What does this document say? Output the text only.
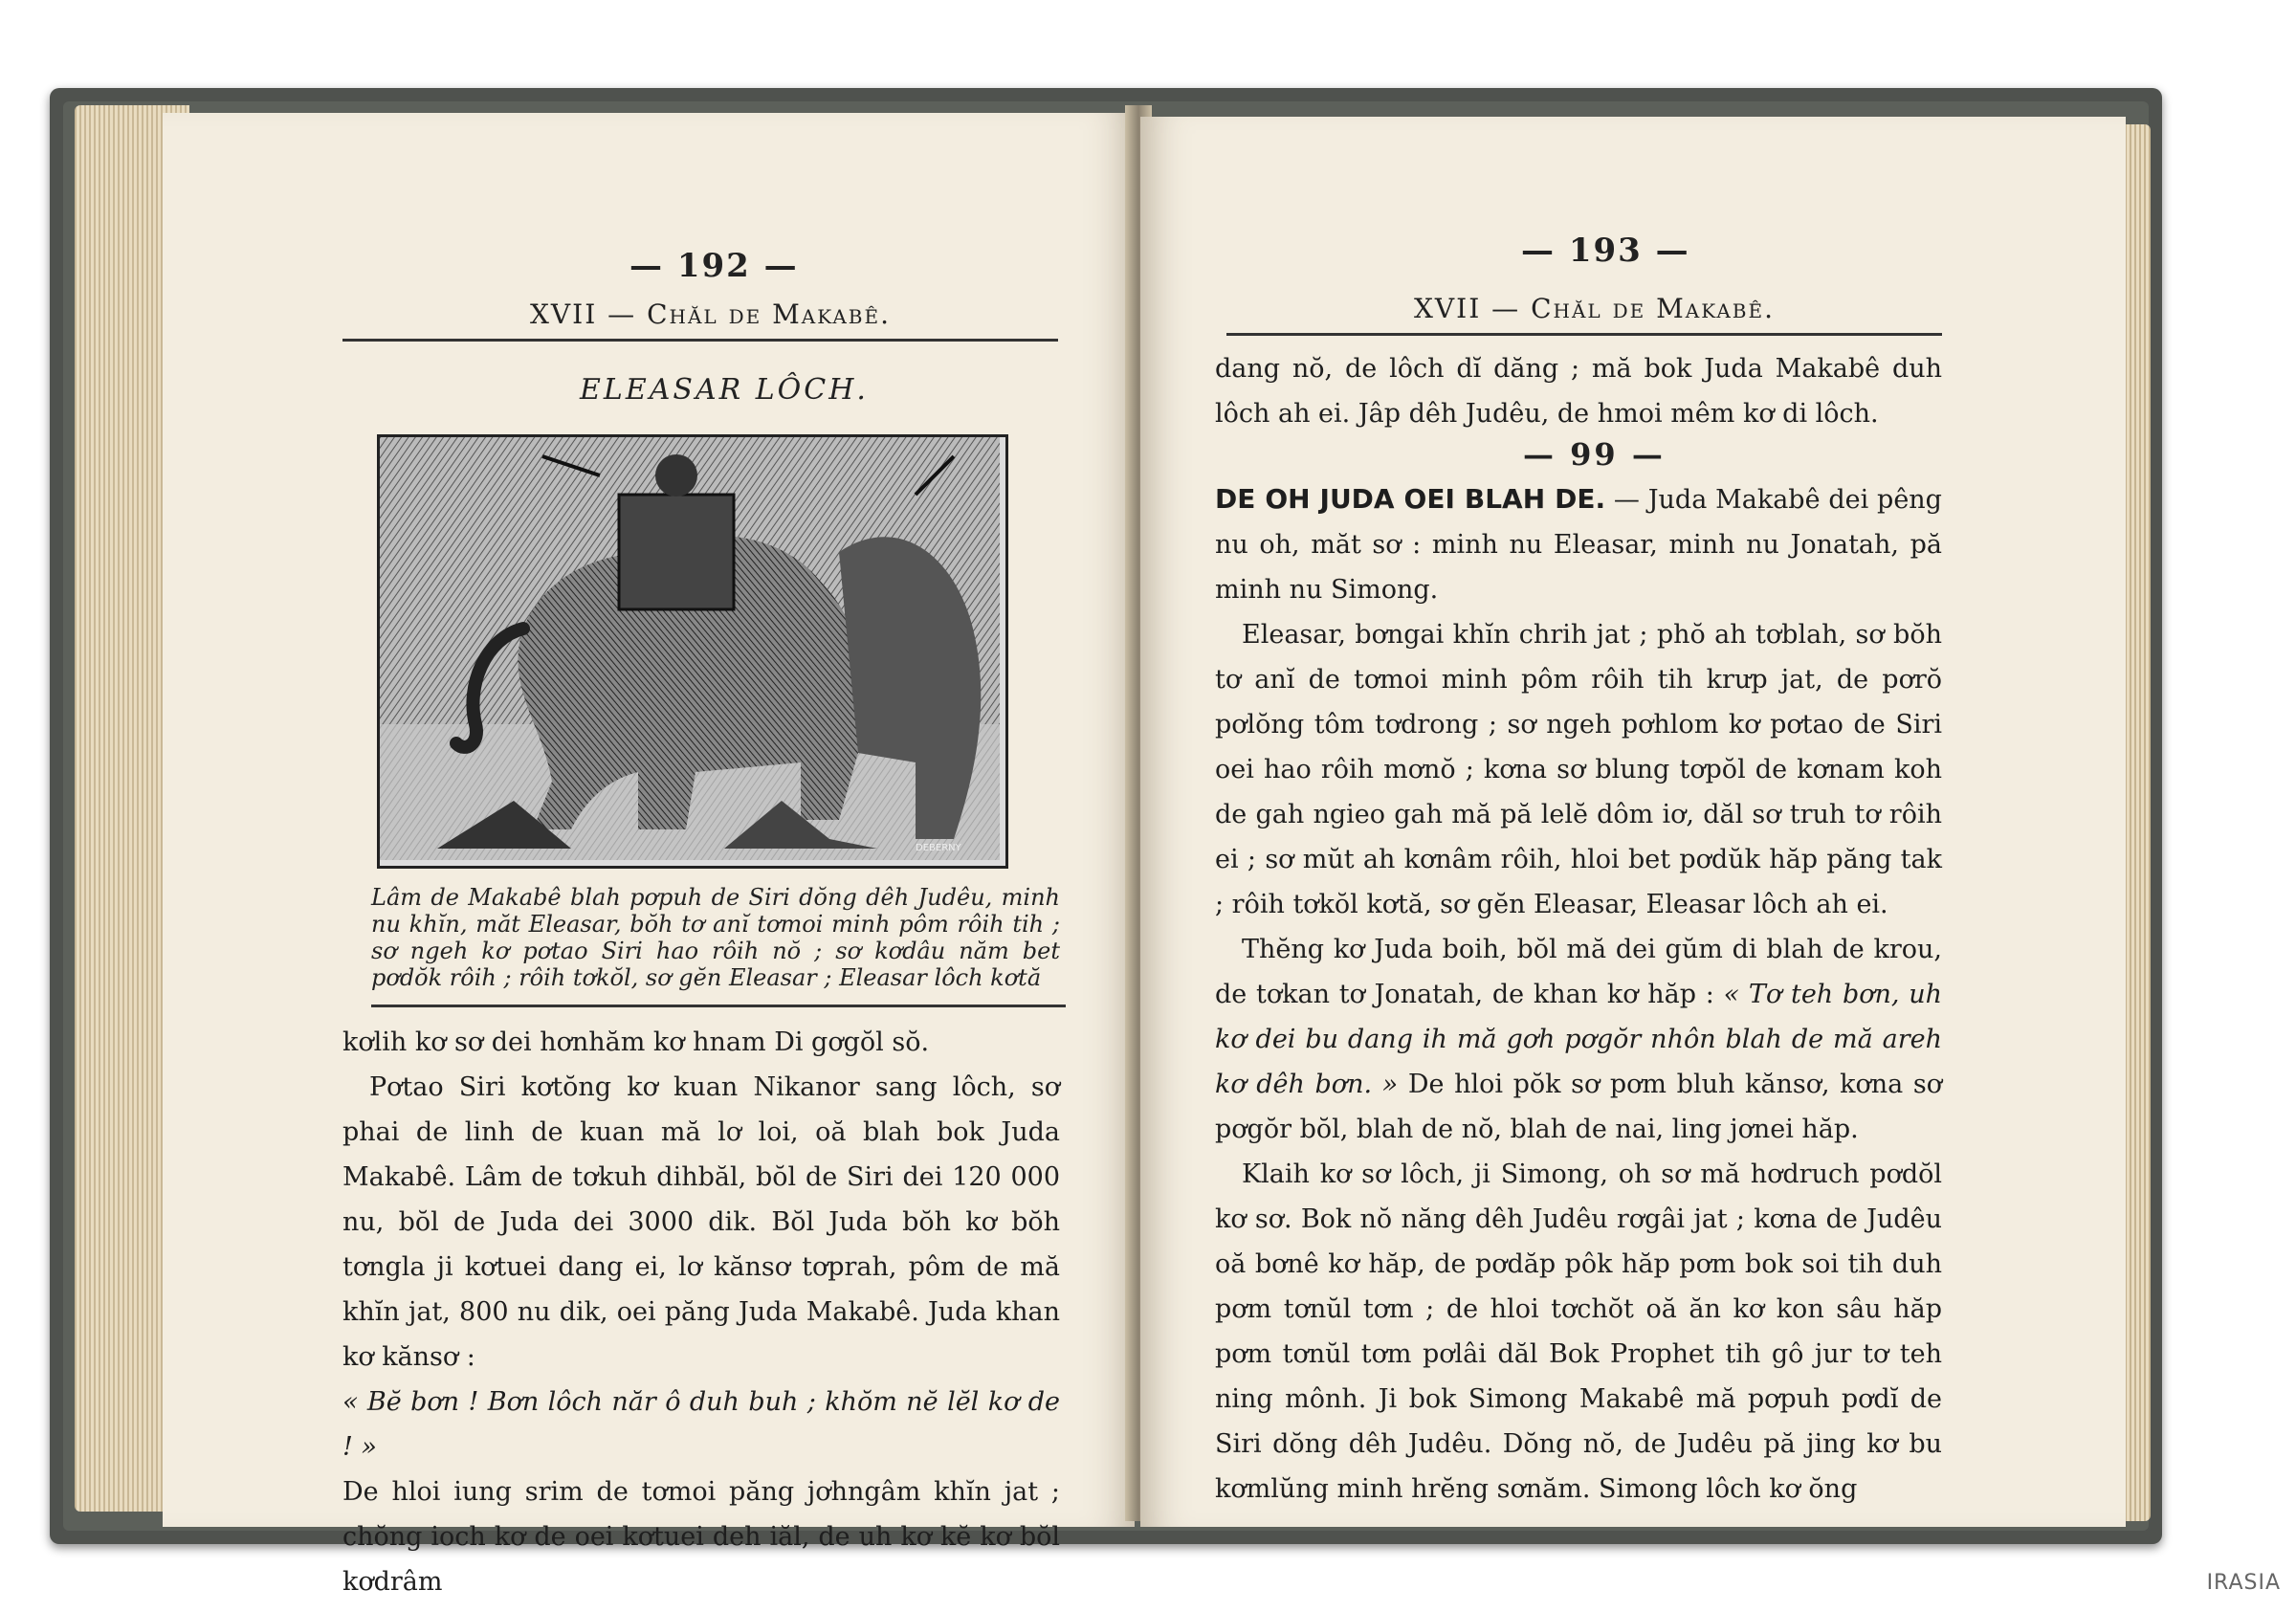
— 192 —
XVII — Chăl de Makabê.
ELEASAR LÔCH.
DEBERNY
Lâm de Makabê blah pơpuh de Siri dŏng dêh Judêu, minh nu khĭn, măt Eleasar, bŏh tơ anĭ tơmoi minh pôm rôih tih ; sơ ngeh kơ pơtao Siri hao rôih nŏ ; sơ kơdâu năm bet pơdŏk rôih ; rôih tơkŏl, sơ gĕn Eleasar ; Eleasar lôch kơtă

kơlih kơ sơ dei hơnhăm kơ hnam Di gơgŏl sŏ.

Pơtao Siri kơtŏng kơ kuan Nikanor sang lôch, sơ phai de linh de kuan mă lơ loi, oă blah bok Juda Makabê. Lâm de tơkuh dihbăl, bŏl de Siri dei 120 000 nu, bŏl de Juda dei 3000 dik. Bŏl Juda bŏh kơ bŏh tơngla ji kơtuei dang ei, lơ kănsơ tơprah, pôm de mă khĭn jat, 800 nu dik, oei păng Juda Makabê. Juda khan kơ kănsơ :

« Bĕ bơn ! Bơn lôch năr ô duh buh ; khŏm nĕ lĕl kơ de ! »

De hloi iung srim de tơmoi păng jơhngâm khĭn jat ; chŏng ioch kơ de oei kơtuei deh iăl, de uh kơ kĕ kơ bŏl kơdrâm

— 193 —
XVII — Chăl de Makabê.
dang nŏ, de lôch dĭ dăng ; mă bok Juda Makabê duh lôch ah ei. Jâp dêh Judêu, de hmoi mêm kơ di lôch.
— 99 —

DE OH JUDA OEI BLAH DE. — Juda Makabê dei pêng nu oh, măt sơ : minh nu Eleasar, minh nu Jonatah, pă minh nu Simong.

Eleasar, bơngai khĭn chrih jat ; phŏ ah tơblah, sơ bŏh tơ anĭ de tơmoi minh pôm rôih tih krưp jat, de pơrŏ pơlŏng tôm tơdrong ; sơ ngeh pơhlom kơ pơtao de Siri oei hao rôih mơnŏ ; kơna sơ blung tơpŏl de kơnam koh de gah ngieo gah mă pă lelĕ dôm iơ, dăl sơ truh tơ rôih ei ; sơ mŭt ah kơnâm rôih, hloi bet pơdŭk hăp păng tak ; rôih tơkŏl kơtă, sơ gĕn Eleasar, Eleasar lôch ah ei.

Thĕng kơ Juda boih, bŏl mă dei gŭm di blah de krou, de tơkan tơ Jonatah, de khan kơ hăp : « Tơ teh bơn, uh kơ dei bu dang ih mă gơh pơgŏr nhôn blah de mă areh kơ dêh bơn. » De hloi pŏk sơ pơm bluh kănsơ, kơna sơ pơgŏr bŏl, blah de nŏ, blah de nai, ling jơnei hăp.

Klaih kơ sơ lôch, ji Simong, oh sơ mă hơdruch pơdŏl kơ sơ. Bok nŏ năng dêh Judêu rơgâi jat ; kơna de Judêu oă bơnê kơ hăp, de pơdăp pôk hăp pơm bok soi tih duh pơm tơnŭl tơm ; de hloi tơchŏt oă ăn kơ kon sâu hăp pơm tơnŭl tơm pơlâi dăl Bok Prophet tih gô jur tơ teh ning mônh. Ji bok Simong Makabê mă pơpuh pơdĭ de Siri dŏng dêh Judêu. Dŏng nŏ, de Judêu pă jing kơ bu kơmlŭng minh hrĕng sơnăm. Simong lôch kơ ŏng

IRASIA
